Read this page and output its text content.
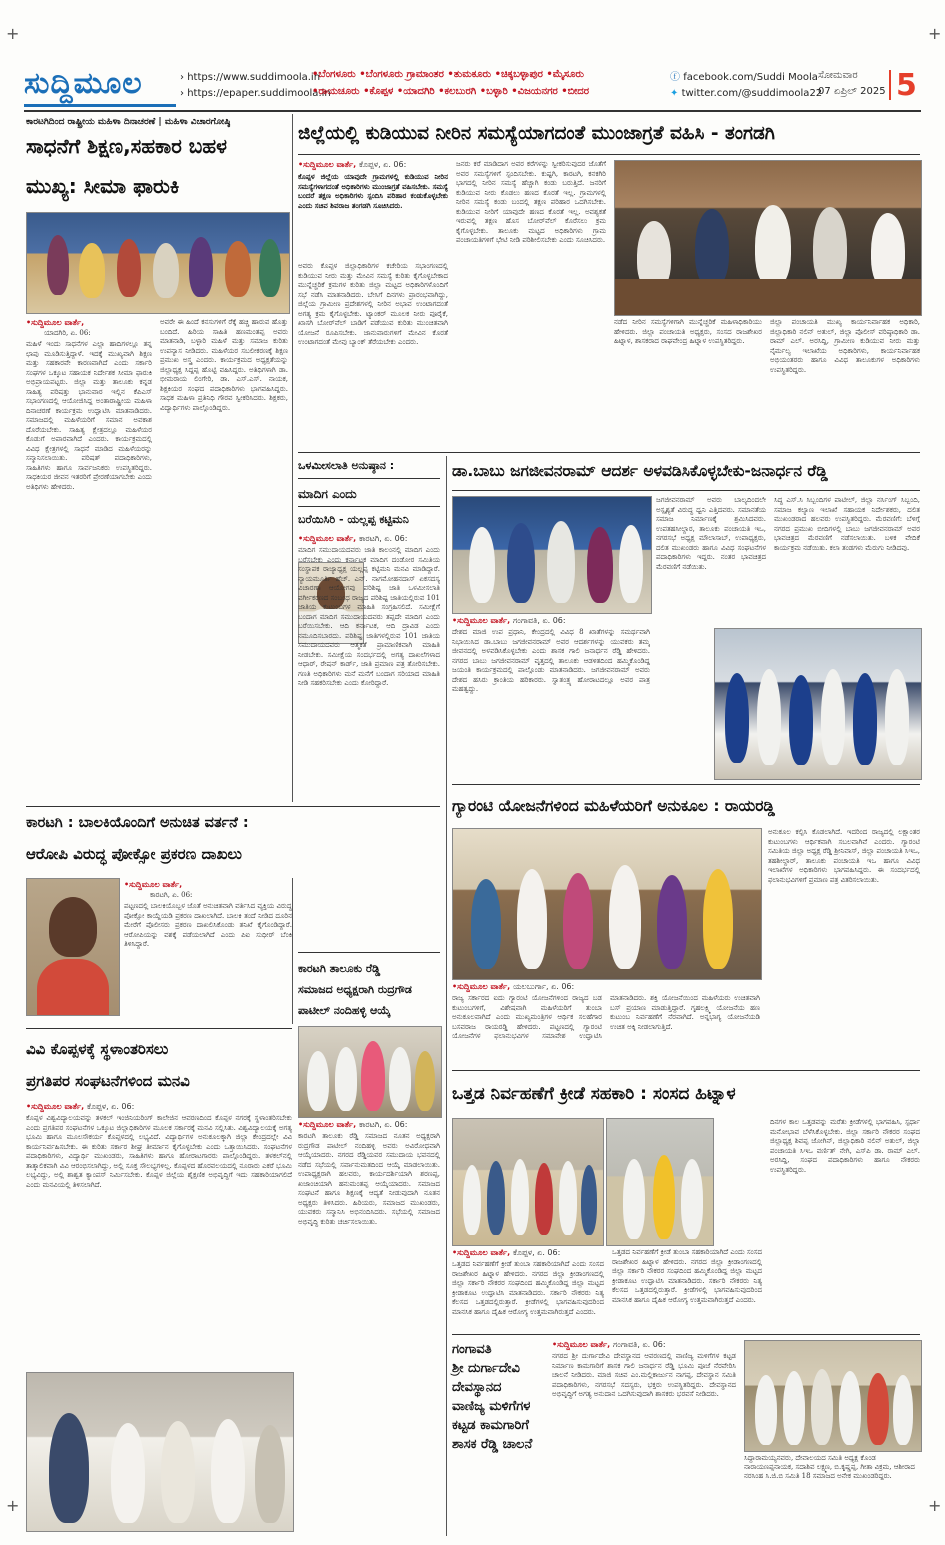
+	+
+	+
ಸುದ್ದಿಮೂಲ	› https://www.suddimoola.in
› https://epaper.suddimoola.in
•ಬೆಂಗಳೂರು •ಬೆಂಗಳೂರು ಗ್ರಾಮಾಂತರ •ತುಮಕೂರು •ಚಿಕ್ಕಬಳ್ಳಾಪುರ •ಮೈಸೂರು
•ರಾಯಚೂರು •ಕೊಪ್ಪಳ •ಯಾದಗಿರಿ •ಕಲಬುರಗಿ •ಬಳ್ಳಾರಿ •ವಿಜಯನಗರ •ಬೀದರ
ⓕ facebook.com/Suddi Moola
✦ twitter.com/@suddimoola22
ಸೋಮವಾರ
07 ಏಪ್ರಿಲ್ 2025 5
ಕಾರಟಗಿದಿಂದ ರಾಷ್ಟ್ರೀಯ ಮಹಿಳಾ ದಿನಾಚರಣೆ | ಮಹಿಳಾ ವಿಚಾರಗೋಷ್ಠಿ
ಸಾಧನೆಗೆ ಶಿಕ್ಷಣ,ಸಹಕಾರ ಬಹಳ
ಮುಖ್ಯ: ಸೀಮಾ ಫಾರುಕಿ
•ಸುದ್ದಿಮೂಲ ವಾರ್ತೆ,
ಯಾದಗಿರಿ, ಏ. 06:
ಮಹಿಳೆ ಇಂದು ಸಾಧನೆಗಳ ಎಲ್ಲಾ ಹಾದಿಗಳಲ್ಲೂ ತನ್ನ ಛಾಪು ಮೂಡಿಸುತ್ತಿದ್ದಾಳೆ. ಇದಕ್ಕೆ ಮುಖ್ಯವಾಗಿ ಶಿಕ್ಷಣ ಮತ್ತು ಸಹಕಾರವೇ ಕಾರಣವಾಗಿದೆ ಎಂದು ಸರ್ಕಾರಿ ಸಂಘಗಳ ಒಕ್ಕೂಟ ಸಹಾಯಕ ನಿರ್ದೇಶಕ ಸೀಮಾ ಫಾರುಕಿ ಅಭಿಪ್ರಾಯಪಟ್ಟರು. ಜಿಲ್ಲಾ ಮತ್ತು ತಾಲೂಕು ಕನ್ನಡ ಸಾಹಿತ್ಯ ಪರಿಷತ್ತು ಭಾನುವಾರ ಇಲ್ಲಿನ ಕೆಪಿಎಸ್ ಸಭಾಂಗಣದಲ್ಲಿ ಆಯೋಜಿಸಿದ್ದ ಅಂತಾರಾಷ್ಟ್ರೀಯ ಮಹಿಳಾ ದಿನಾಚರಣೆ ಕಾರ್ಯಕ್ರಮ ಉದ್ಘಾಟಿಸಿ ಮಾತನಾಡಿದರು. ಸಮಾಜದಲ್ಲಿ ಮಹಿಳೆಯರಿಗೆ ಸಮಾನ ಅವಕಾಶ ದೊರೆಯಬೇಕು. ಸಾಹಿತ್ಯ ಕ್ಷೇತ್ರದಲ್ಲೂ ಮಹಿಳೆಯರ ಕೊಡುಗೆ ಅಪಾರವಾಗಿದೆ ಎಂದರು. ಕಾರ್ಯಕ್ರಮದಲ್ಲಿ ವಿವಿಧ ಕ್ಷೇತ್ರಗಳಲ್ಲಿ ಸಾಧನೆ ಮಾಡಿದ ಮಹಿಳೆಯರನ್ನು ಸನ್ಮಾನಿಸಲಾಯಿತು. ಪರಿಷತ್ ಪದಾಧಿಕಾರಿಗಳು, ಸಾಹಿತಿಗಳು ಹಾಗೂ ಸಾರ್ವಜನಿಕರು ಉಪಸ್ಥಿತರಿದ್ದರು. ಸಾಧಕಿಯರ ಜೀವನ ಇತರರಿಗೆ ಪ್ರೇರಣೆಯಾಗಬೇಕು ಎಂದು ಅತಿಥಿಗಳು ಹೇಳಿದರು.
ಅವರೇ ಈ ಹಿಂದೆ ಕನಸುಗಳಿಗೆ ರೆಕ್ಕೆ ಹಚ್ಚಿ ಹಾರುವ ಹೊತ್ತು ಬಂದಿದೆ. ಹಿರಿಯ ಸಾಹಿತಿ ಹಣಮಂತಪ್ಪ ಅವರು ಮಾತನಾಡಿ, ಬಳ್ಳಾರಿ ಮಹಿಳೆ ಮತ್ತು ಸಮಾಜ ಕುರಿತು ಉಪನ್ಯಾಸ ನೀಡಿದರು. ಮಹಿಳೆಯರ ಸಬಲೀಕರಣಕ್ಕೆ ಶಿಕ್ಷಣ ಪ್ರಮುಖ ಅಸ್ತ್ರ ಎಂದರು. ಕಾರ್ಯಕ್ರಮದ ಅಧ್ಯಕ್ಷತೆಯನ್ನು ಜಿಲ್ಲಾಧ್ಯಕ್ಷ ಸಿದ್ದಪ್ಪ ಹೊಟ್ಟಿ ವಹಿಸಿದ್ದರು. ಅತಿಥಿಗಳಾಗಿ ಡಾ. ಭೀಮರಾಯ ಲಿಂಗೇರಿ, ಡಾ. ಎಸ್.ಎಸ್. ನಾಯಕ, ಶಿಕ್ಷಕಿಯರ ಸಂಘದ ಪದಾಧಿಕಾರಿಗಳು ಭಾಗವಹಿಸಿದ್ದರು. ಸಾಧಕ ಮಹಿಳಾ ಪ್ರತಿನಿಧಿ ಗೌರವ ಸ್ವೀಕರಿಸಿದರು. ಶಿಕ್ಷಕರು, ವಿದ್ಯಾರ್ಥಿಗಳು ಪಾಲ್ಗೊಂಡಿದ್ದರು.
ಜಿಲ್ಲೆಯಲ್ಲಿ ಕುಡಿಯುವ ನೀರಿನ ಸಮಸ್ಯೆಯಾಗದಂತೆ ಮುಂಜಾಗ್ರತೆ ವಹಿಸಿ - ತಂಗಡಗಿ
•ಸುದ್ದಿಮೂಲ ವಾರ್ತೆ, ಕೊಪ್ಪಳ, ಏ. 06:
ಕೊಪ್ಪಳ ಜಿಲ್ಲೆಯ ಯಾವುದೇ ಗ್ರಾಮಗಳಲ್ಲಿ ಕುಡಿಯುವ ನೀರಿನ ಸಮಸ್ಯೆಗಳಾಗದಂತೆ ಅಧಿಕಾರಿಗಳು ಮುಂಜಾಗ್ರತೆ ವಹಿಸಬೇಕು. ಸಮಸ್ಯೆ ಬಂದರೆ ತಕ್ಷಣ ಅಧಿಕಾರಿಗಳು ಸ್ಪಂದಿಸಿ ಪರಿಹಾರ ಕಂಡುಕೊಳ್ಳಬೇಕು ಎಂದು ಸಚಿವ ಶಿವರಾಜ ತಂಗಡಗಿ ಸೂಚಿಸಿದರು.
ಅವರು ಕೊಪ್ಪಳ ಜಿಲ್ಲಾಧಿಕಾರಿಗಳ ಕಚೇರಿಯ ಸಭಾಂಗಣದಲ್ಲಿ ಕುಡಿಯುವ ನೀರು ಮತ್ತು ಮೇವಿನ ಸಮಸ್ಯೆ ಕುರಿತು ಕೈಗೊಳ್ಳಬೇಕಾದ ಮುನ್ನೆಚ್ಚರಿಕೆ ಕ್ರಮಗಳ ಕುರಿತು ಜಿಲ್ಲಾ ಮಟ್ಟದ ಅಧಿಕಾರಿಗಳೊಂದಿಗೆ ಸಭೆ ನಡೆಸಿ ಮಾತನಾಡಿದರು. ಬೇಸಿಗೆ ದಿನಗಳು ಪ್ರಾರಂಭವಾಗಿದ್ದು, ಜಿಲ್ಲೆಯ ಗ್ರಾಮೀಣ ಪ್ರದೇಶಗಳಲ್ಲಿ ನೀರಿನ ಅಭಾವ ಉಂಟಾಗದಂತೆ ಅಗತ್ಯ ಕ್ರಮ ಕೈಗೊಳ್ಳಬೇಕು. ಟ್ಯಾಂಕರ್ ಮೂಲಕ ನೀರು ಪೂರೈಕೆ, ಖಾಸಗಿ ಬೋರ್‌ವೆಲ್ ಬಾಡಿಗೆ ಪಡೆಯುವ ಕುರಿತು ಮುಂಚಿತವಾಗಿ ಯೋಜನೆ ರೂಪಿಸಬೇಕು. ಜಾನುವಾರುಗಳಿಗೆ ಮೇವಿನ ಕೊರತೆ ಉಂಟಾಗದಂತೆ ಮೇವು ಬ್ಯಾಂಕ್ ತೆರೆಯಬೇಕು ಎಂದರು.
ಜನರು ಕರೆ ಮಾಡಿದಾಗ ಅವರ ಕರೆಗಳನ್ನು ಸ್ವೀಕರಿಸುವುದರ ಜೊತೆಗೆ ಅವರ ಸಮಸ್ಯೆಗಳಿಗೆ ಸ್ಪಂದಿಸಬೇಕು. ಕುಷ್ಟಗಿ, ಕಾರಟಗಿ, ಕನಕಗಿರಿ ಭಾಗದಲ್ಲಿ ನೀರಿನ ಸಮಸ್ಯೆ ಹೆಚ್ಚಾಗಿ ಕಂಡು ಬರುತ್ತಿದೆ. ಜನರಿಗೆ ಕುಡಿಯುವ ನೀರು ಕೊಡಲು ಹಣದ ಕೊರತೆ ಇಲ್ಲ. ಗ್ರಾಮಗಳಲ್ಲಿ ನೀರಿನ ಸಮಸ್ಯೆ ಕಂಡು ಬಂದಲ್ಲಿ ತಕ್ಷಣ ಪರಿಹಾರ ಒದಗಿಸಬೇಕು. ಕುಡಿಯುವ ನೀರಿಗೆ ಯಾವುದೇ ಹಣದ ಕೊರತೆ ಇಲ್ಲ. ಅವಶ್ಯಕತೆ ಇರುವಲ್ಲಿ ತಕ್ಷಣ ಹೊಸ ಬೋರ್‌ವೆಲ್ ಕೊರೆಸಲು ಕ್ರಮ ಕೈಗೊಳ್ಳಬೇಕು. ತಾಲೂಕು ಮಟ್ಟದ ಅಧಿಕಾರಿಗಳು ಗ್ರಾಮ ಪಂಚಾಯತಿಗಳಿಗೆ ಭೇಟಿ ನೀಡಿ ಪರಿಶೀಲಿಸಬೇಕು ಎಂದು ಸೂಚಿಸಿದರು.
ನಡೆದ ನೀರಿನ ಸಮಸ್ಯೆಗಳಿಗಾಗಿ ಮುನ್ನೆಚ್ಚರಿಕೆ ಮಹಿಳಾಧಿಕಾರಿಯು ಹೇಳಿದರು. ಜಿಲ್ಲಾ ಪಂಚಾಯತಿ ಅಧ್ಯಕ್ಷರು, ಸಂಸದ ರಾಜಶೇಖರ ಹಿಟ್ನಾಳ, ಶಾಸಕರಾದ ರಾಘವೇಂದ್ರ ಹಿಟ್ನಾಳ ಉಪಸ್ಥಿತರಿದ್ದರು.
ಜಿಲ್ಲಾ ಪಂಚಾಯತಿ ಮುಖ್ಯ ಕಾರ್ಯನಿರ್ವಾಹಕ ಅಧಿಕಾರಿ, ಜಿಲ್ಲಾಧಿಕಾರಿ ನಲಿನ್ ಅತುಲ್, ಜಿಲ್ಲಾ ಪೊಲೀಸ್ ವರಿಷ್ಠಾಧಿಕಾರಿ ಡಾ. ರಾಮ್ ಎಲ್. ಅರಸಿದ್ದಿ, ಗ್ರಾಮೀಣ ಕುಡಿಯುವ ನೀರು ಮತ್ತು ನೈರ್ಮಲ್ಯ ಇಲಾಖೆಯ ಅಧಿಕಾರಿಗಳು, ಕಾರ್ಯನಿರ್ವಾಹಕ ಅಭಿಯಂತರರು ಹಾಗೂ ವಿವಿಧ ತಾಲೂಕುಗಳ ಅಧಿಕಾರಿಗಳು ಉಪಸ್ಥಿತರಿದ್ದರು.
ಒಳಮೀಸಲಾತಿ ಅನುಷ್ಠಾನ :
ಮಾದಿಗ ಎಂದು
ಬರೆಯಿಸಿರಿ - ಯಲ್ಲಪ್ಪ ಕಟ್ಟಿಮನಿ
•ಸುದ್ದಿಮೂಲ ವಾರ್ತೆ, ಕಾರಟಗಿ, ಏ. 06:
ಮಾದಿಗ ಸಮುದಾಯದವರು ಜಾತಿ ಕಾಲಂನಲ್ಲಿ ಮಾದಿಗ ಎಂದು ಬರೆಸಬೇಕು ಎಂದು ಕರ್ನಾಟಕ ಮಾದಿಗ ದಂಡೋರ ಸಮಿತಿಯ ಸಂಸ್ಥಾಪಕ ರಾಜ್ಯಾಧ್ಯಕ್ಷ ಯಲ್ಲಪ್ಪ ಕಟ್ಟಿಮನಿ ಮನವಿ ಮಾಡಿದ್ದಾರೆ. ನ್ಯಾಯಮೂರ್ತಿ ಹೆಚ್. ಎನ್. ನಾಗಮೋಹನದಾಸ್ ಏಕಸದಸ್ಯ ವಿಚಾರಣಾ ಆಯೋಗವು ಪರಿಶಿಷ್ಟ ಜಾತಿ ಒಳಮೀಸಲಾತಿ ವರ್ಗೀಕರಣದ ಸಂಬಂಧ ರಾಜ್ಯದ ಪರಿಶಿಷ್ಟ ಜಾತಿಯಲ್ಲಿರುವ 101 ಜಾತಿಯ ಕುಟುಂಬಗಳ ಮಾಹಿತಿ ಸಂಗ್ರಹಿಸಲಿದೆ. ಸಮೀಕ್ಷೆಗೆ ಬಂದಾಗ ಮಾದಿಗ ಸಮುದಾಯದವರು ತಪ್ಪದೇ ಮಾದಿಗ ಎಂದು ಬರೆಯಿಸಬೇಕು. ಆದಿ ಕರ್ನಾಟಕ, ಆದಿ ದ್ರಾವಿಡ ಎಂದು ನಮೂದಿಸಬಾರದು. ಪರಿಶಿಷ್ಟ ಜಾತಿಗಳಲ್ಲಿರುವ 101 ಜಾತಿಯ ಸಮುದಾಯದವರು ಆತ್ಮಕತೆ ಪ್ರಾಮಾಣಿಕವಾಗಿ ಮಾಹಿತಿ ನೀಡಬೇಕು. ಸಮೀಕ್ಷೆಯ ಸಂದರ್ಭದಲ್ಲಿ ಅಗತ್ಯ ದಾಖಲೆಗಳಾದ ಆಧಾರ್, ರೇಷನ್ ಕಾರ್ಡ್, ಜಾತಿ ಪ್ರಮಾಣ ಪತ್ರ ತೋರಿಸಬೇಕು. ಗಣತಿ ಅಧಿಕಾರಿಗಳು ಮನೆ ಮನೆಗೆ ಬಂದಾಗ ಸರಿಯಾದ ಮಾಹಿತಿ ನೀಡಿ ಸಹಕರಿಸಬೇಕು ಎಂದು ಕೋರಿದ್ದಾರೆ.
ಡಾ.ಬಾಬು ಜಗಜೀವನರಾಮ್ ಆದರ್ಶ ಅಳವಡಿಸಿಕೊಳ್ಳಬೇಕು-ಜನಾರ್ಧನ ರೆಡ್ಡಿ
•ಸುದ್ದಿಮೂಲ ವಾರ್ತೆ, ಗಂಗಾವತಿ, ಏ. 06:
ದೇಶದ ಮಾಜಿ ಉಪ ಪ್ರಧಾನಿ, ಕೇಂದ್ರದಲ್ಲಿ ವಿವಿಧ 8 ಖಾತೆಗಳನ್ನು ಸಮರ್ಥವಾಗಿ ನಿಭಾಯಿಸಿದ ಡಾ.ಬಾಬು ಜಗಜೀವನರಾಮ್ ಅವರ ಆದರ್ಶಗಳನ್ನು ಯುವಕರು ತಮ್ಮ ಜೀವನದಲ್ಲಿ ಅಳವಡಿಸಿಕೊಳ್ಳಬೇಕು ಎಂದು ಶಾಸಕ ಗಾಲಿ ಜನಾರ್ಧನ ರೆಡ್ಡಿ ಹೇಳಿದರು. ನಗರದ ಬಾಬು ಜಗಜೀವನರಾಮ್ ವೃತ್ತದಲ್ಲಿ ತಾಲೂಕು ಆಡಳಿತದಿಂದ ಹಮ್ಮಿಕೊಂಡಿದ್ದ ಜಯಂತಿ ಕಾರ್ಯಕ್ರಮದಲ್ಲಿ ಪಾಲ್ಗೊಂಡು ಮಾತನಾಡಿದರು. ಜಗಜೀವನರಾಮ್ ಅವರು ದೇಶದ ಹಸಿರು ಕ್ರಾಂತಿಯ ಹರಿಕಾರರು. ಸ್ವಾತಂತ್ರ್ಯ ಹೋರಾಟದಲ್ಲೂ ಅವರ ಪಾತ್ರ ಮಹತ್ವದ್ದು.
ಜಗಜೀವನರಾಮ್ ಅವರು ಬಾಲ್ಯದಿಂದಲೇ ಅಸ್ಪೃಶ್ಯತೆ ವಿರುದ್ಧ ಧ್ವನಿ ಎತ್ತಿದವರು. ಸಮಾನತೆಯ ಸಮಾಜ ನಿರ್ಮಾಣಕ್ಕೆ ಶ್ರಮಿಸಿದವರು. ಉಪತಹಸೀಲ್ದಾರ, ತಾಲೂಕು ಪಂಚಾಯತಿ ಇಒ, ನಗರಸಭೆ ಅಧ್ಯಕ್ಷ ಮೌಲಾಸಾಬ್, ಉಪಾಧ್ಯಕ್ಷರು, ದಲಿತ ಮುಖಂಡರು ಹಾಗೂ ವಿವಿಧ ಸಂಘಟನೆಗಳ ಪದಾಧಿಕಾರಿಗಳು ಇದ್ದರು. ನಂತರ ಭಾವಚಿತ್ರದ ಮೆರವಣಿಗೆ ನಡೆಯಿತು.
ಸಿದ್ಧ ಎಸ್.ಸಿ ಸಿಬ್ಬಂದಿಗಳ ಪಾಟೀಲ್, ಜಿಲ್ಲಾ ನರ್ಸಿಂಗ್ ಸಿಬ್ಬಂದಿ, ಸಮಾಜ ಕಲ್ಯಾಣ ಇಲಾಖೆ ಸಹಾಯಕ ನಿರ್ದೇಶಕರು, ದಲಿತ ಮುಖಂಡರಾದ ಹಲವರು ಉಪಸ್ಥಿತರಿದ್ದರು. ಮೆರವಣಿಗೆ: ಬೆಳಿಗ್ಗೆ ನಗರದ ಪ್ರಮುಖ ಬೀದಿಗಳಲ್ಲಿ ಬಾಬು ಜಗಜೀವನರಾಮ್ ಅವರ ಭಾವಚಿತ್ರದ ಮೆರವಣಿಗೆ ನಡೆಸಲಾಯಿತು. ಬಳಿಕ ವೇದಿಕೆ ಕಾರ್ಯಕ್ರಮ ನಡೆಯಿತು. ಕಲಾ ತಂಡಗಳು ಮೆರುಗು ನೀಡಿದವು.
ಗ್ಯಾರಂಟಿ ಯೋಜನೆಗಳಿಂದ ಮಹಿಳೆಯರಿಗೆ ಅನುಕೂಲ : ರಾಯರಡ್ಡಿ
•ಸುದ್ದಿಮೂಲ ವಾರ್ತೆ, ಯಲಬುರ್ಗಾ, ಏ. 06:
ರಾಜ್ಯ ಸರ್ಕಾರದ ಐದು ಗ್ಯಾರಂಟಿ ಯೋಜನೆಗಳಿಂದ ರಾಜ್ಯದ ಬಡ ಕುಟುಂಬಗಳಿಗೆ, ವಿಶೇಷವಾಗಿ ಮಹಿಳೆಯರಿಗೆ ತುಂಬಾ ಅನುಕೂಲವಾಗಿದೆ ಎಂದು ಮುಖ್ಯಮಂತ್ರಿಗಳ ಆರ್ಥಿಕ ಸಲಹೆಗಾರ ಬಸವರಾಜ ರಾಯರಡ್ಡಿ ಹೇಳಿದರು. ಪಟ್ಟಣದಲ್ಲಿ ಗ್ಯಾರಂಟಿ ಯೋಜನೆಗಳ ಫಲಾನುಭವಿಗಳ ಸಮಾವೇಶ ಉದ್ಘಾಟಿಸಿ ಮಾತನಾಡಿದರು. ಶಕ್ತಿ ಯೋಜನೆಯಿಂದ ಮಹಿಳೆಯರು ಉಚಿತವಾಗಿ ಬಸ್ ಪ್ರಯಾಣ ಮಾಡುತ್ತಿದ್ದಾರೆ. ಗೃಹಲಕ್ಷ್ಮಿ ಯೋಜನೆಯ ಹಣ ಕುಟುಂಬ ನಿರ್ವಹಣೆಗೆ ನೆರವಾಗಿದೆ. ಅನ್ನಭಾಗ್ಯ ಯೋಜನೆಯಡಿ ಉಚಿತ ಅಕ್ಕಿ ನೀಡಲಾಗುತ್ತಿದೆ.
ಅನುಕೂಲ ಕಲ್ಪಿಸಿ ಕೊಡಲಾಗಿದೆ. ಇದರಿಂದ ರಾಜ್ಯದಲ್ಲಿ ಲಕ್ಷಾಂತರ ಕುಟುಂಬಗಳು ಆರ್ಥಿಕವಾಗಿ ಸಬಲವಾಗಿವೆ ಎಂದರು. ಗ್ಯಾರಂಟಿ ಸಮಿತಿಯ ಜಿಲ್ಲಾ ಅಧ್ಯಕ್ಷ ರೆಡ್ಡಿ ಶ್ರೀನಿವಾಸ್, ಜಿಲ್ಲಾ ಪಂಚಾಯತಿ ಸಿಇಒ, ತಹಶೀಲ್ದಾರ್, ತಾಲೂಕು ಪಂಚಾಯತಿ ಇಒ ಹಾಗೂ ವಿವಿಧ ಇಲಾಖೆಗಳ ಅಧಿಕಾರಿಗಳು ಭಾಗವಹಿಸಿದ್ದರು. ಈ ಸಂದರ್ಭದಲ್ಲಿ ಫಲಾನುಭವಿಗಳಿಗೆ ಪ್ರಮಾಣ ಪತ್ರ ವಿತರಿಸಲಾಯಿತು.
ಒತ್ತಡ ನಿರ್ವಹಣೆಗೆ ಕ್ರೀಡೆ ಸಹಕಾರಿ : ಸಂಸದ ಹಿಟ್ನಾಳ
•ಸುದ್ದಿಮೂಲ ವಾರ್ತೆ, ಕೊಪ್ಪಳ, ಏ. 06:
ಒತ್ತಡದ ನಿರ್ವಹಣೆಗೆ ಕ್ರೀಡೆ ತುಂಬಾ ಸಹಕಾರಿಯಾಗಿದೆ ಎಂದು ಸಂಸದ ರಾಜಶೇಖರ ಹಿಟ್ನಾಳ ಹೇಳಿದರು. ನಗರದ ಜಿಲ್ಲಾ ಕ್ರೀಡಾಂಗಣದಲ್ಲಿ ಜಿಲ್ಲಾ ಸರ್ಕಾರಿ ನೌಕರರ ಸಂಘದಿಂದ ಹಮ್ಮಿಕೊಂಡಿದ್ದ ಜಿಲ್ಲಾ ಮಟ್ಟದ ಕ್ರೀಡಾಕೂಟ ಉದ್ಘಾಟಿಸಿ ಮಾತನಾಡಿದರು. ಸರ್ಕಾರಿ ನೌಕರರು ನಿತ್ಯ ಕೆಲಸದ ಒತ್ತಡದಲ್ಲಿರುತ್ತಾರೆ. ಕ್ರೀಡೆಗಳಲ್ಲಿ ಭಾಗವಹಿಸುವುದರಿಂದ ಮಾನಸಿಕ ಹಾಗೂ ದೈಹಿಕ ಆರೋಗ್ಯ ಉತ್ತಮವಾಗಿರುತ್ತದೆ ಎಂದರು.
ಒತ್ತಡದ ನಿರ್ವಹಣೆಗೆ ಕ್ರೀಡೆ ತುಂಬಾ ಸಹಕಾರಿಯಾಗಿದೆ ಎಂದು ಸಂಸದ ರಾಜಶೇಖರ ಹಿಟ್ನಾಳ ಹೇಳಿದರು. ನಗರದ ಜಿಲ್ಲಾ ಕ್ರೀಡಾಂಗಣದಲ್ಲಿ ಜಿಲ್ಲಾ ಸರ್ಕಾರಿ ನೌಕರರ ಸಂಘದಿಂದ ಹಮ್ಮಿಕೊಂಡಿದ್ದ ಜಿಲ್ಲಾ ಮಟ್ಟದ ಕ್ರೀಡಾಕೂಟ ಉದ್ಘಾಟಿಸಿ ಮಾತನಾಡಿದರು. ಸರ್ಕಾರಿ ನೌಕರರು ನಿತ್ಯ ಕೆಲಸದ ಒತ್ತಡದಲ್ಲಿರುತ್ತಾರೆ. ಕ್ರೀಡೆಗಳಲ್ಲಿ ಭಾಗವಹಿಸುವುದರಿಂದ ಮಾನಸಿಕ ಹಾಗೂ ದೈಹಿಕ ಆರೋಗ್ಯ ಉತ್ತಮವಾಗಿರುತ್ತದೆ ಎಂದರು.
ದಿನಗಳ ಕಾಲ ಒತ್ತಡವನ್ನು ಮರೆತು ಕ್ರೀಡೆಗಳಲ್ಲಿ ಭಾಗವಹಿಸಿ, ಸ್ಪರ್ಧಾ ಮನೋಭಾವ ಬೆಳೆಸಿಕೊಳ್ಳಬೇಕು. ಜಿಲ್ಲಾ ಸರ್ಕಾರಿ ನೌಕರರ ಸಂಘದ ಜಿಲ್ಲಾಧ್ಯಕ್ಷ ಶಿವಪ್ಪ ಜೋಗಿನ್, ಜಿಲ್ಲಾಧಿಕಾರಿ ನಲಿನ್ ಅತುಲ್, ಜಿಲ್ಲಾ ಪಂಚಾಯತಿ ಸಿಇಒ ವರ್ಣಿತ್ ನೇಗಿ, ಎಸ್‌ಪಿ ಡಾ. ರಾಮ್ ಎಲ್. ಅರಸಿದ್ದಿ, ಸಂಘದ ಪದಾಧಿಕಾರಿಗಳು ಹಾಗೂ ನೌಕರರು ಉಪಸ್ಥಿತರಿದ್ದರು.
ಗಂಗಾವತಿ
ಶ್ರೀ ದುರ್ಗಾದೇವಿ
ದೇವಸ್ಥಾನದ
ವಾಣಿಜ್ಯ ಮಳಿಗೆಗಳ
ಕಟ್ಟಡ ಕಾಮಗಾರಿಗೆ
ಶಾಸಕ ರೆಡ್ಡಿ ಚಾಲನೆ
•ಸುದ್ದಿಮೂಲ ವಾರ್ತೆ, ಗಂಗಾವತಿ, ಏ. 06:
ನಗರದ ಶ್ರೀ ದುರ್ಗಾದೇವಿ ದೇವಸ್ಥಾನದ ಆವರಣದಲ್ಲಿ ವಾಣಿಜ್ಯ ಮಳಿಗೆಗಳ ಕಟ್ಟಡ ನಿರ್ಮಾಣ ಕಾಮಗಾರಿಗೆ ಶಾಸಕ ಗಾಲಿ ಜನಾರ್ಧನ ರೆಡ್ಡಿ ಭೂಮಿ ಪೂಜೆ ನೆರವೇರಿಸಿ ಚಾಲನೆ ನೀಡಿದರು. ಮಾಜಿ ಸಚಿವ ಎಂ.ಮಲ್ಲಿಕಾರ್ಜುನ ನಾಗಪ್ಪ, ದೇವಸ್ಥಾನ ಸಮಿತಿ ಪದಾಧಿಕಾರಿಗಳು, ನಗರಸಭೆ ಸದಸ್ಯರು, ಭಕ್ತರು ಉಪಸ್ಥಿತರಿದ್ದರು. ದೇವಸ್ಥಾನದ ಅಭಿವೃದ್ಧಿಗೆ ಅಗತ್ಯ ಅನುದಾನ ಒದಗಿಸುವುದಾಗಿ ಶಾಸಕರು ಭರವಸೆ ನೀಡಿದರು.
ಸಿದ್ದಾರಾಮಯ್ಯನವರು, ದೇವಾಲಯದ ಸಮಿತಿ ಅಧ್ಯಕ್ಷ ಕೊಂಡ ನಾರಾಯಣಪ್ಪನಾಯಕ, ಸದಾಶಿವ ಲಕ್ಷ್ಮಣ, ಬಿ.ಕೃಷ್ಣಪ್ಪ, ಗೀತಾ ವಿಕ್ರಮ, ಆಶೀರಾದ ನರಸಿಂಹ ಸಿ.ಜಿ.ಬಿ ಸಮಿತಿ 18 ಸಮಾಜದ ಅನೇಕ ಮುಖಂಡರಿದ್ದರು.
ಕಾರಟಗಿ : ಬಾಲಕಿಯೊಂದಿಗೆ ಅನುಚಿತ ವರ್ತನೆ :
ಆರೋಪಿ ವಿರುದ್ಧ ಪೋಕ್ಸೋ ಪ್ರಕರಣ ದಾಖಲು
•ಸುದ್ದಿಮೂಲ ವಾರ್ತೆ,
ಕಾರಟಗಿ, ಏ. 06:
ಪಟ್ಟಣದಲ್ಲಿ ಬಾಲಕಿಯೊಬ್ಬಳ ಜೊತೆ ಅನುಚಿತವಾಗಿ ವರ್ತಿಸಿದ ವ್ಯಕ್ತಿಯ ವಿರುದ್ಧ ಪೋಕ್ಸೋ ಕಾಯ್ದೆಯಡಿ ಪ್ರಕರಣ ದಾಖಲಾಗಿದೆ. ಬಾಲಕಿ ತಂದೆ ನೀಡಿದ ದೂರಿನ ಮೇರೆಗೆ ಪೊಲೀಸರು ಪ್ರಕರಣ ದಾಖಲಿಸಿಕೊಂಡು ತನಿಖೆ ಕೈಗೊಂಡಿದ್ದಾರೆ. ಆರೋಪಿಯನ್ನು ವಶಕ್ಕೆ ಪಡೆಯಲಾಗಿದೆ ಎಂದು ಪಿಐ ಸುಧೀರ್ ಬೆಂಕಿ ತಿಳಿಸಿದ್ದಾರೆ.
ಕಾರಟಗಿ ತಾಲೂಕು ರೆಡ್ಡಿ
ಸಮಾಜದ ಅಧ್ಯಕ್ಷರಾಗಿ ರುದ್ರಗೌಡ
ಪಾಟೀಲ್ ನಂದಿಹಳ್ಳಿ ಆಯ್ಕೆ
•ಸುದ್ದಿಮೂಲ ವಾರ್ತೆ, ಕಾರಟಗಿ, ಏ. 06:
ಕಾರಟಗಿ ತಾಲೂಕು ರೆಡ್ಡಿ ಸಮಾಜದ ನೂತನ ಅಧ್ಯಕ್ಷರಾಗಿ ರುದ್ರಗೌಡ ಪಾಟೀಲ್ ನಂದಿಹಳ್ಳಿ ಅವರು ಅವಿರೋಧವಾಗಿ ಆಯ್ಕೆಯಾದರು. ನಗರದ ರೆಡ್ಡಿಯವರ ಸಮುದಾಯ ಭವನದಲ್ಲಿ ನಡೆದ ಸಭೆಯಲ್ಲಿ ಸರ್ವಾನುಮತದಿಂದ ಆಯ್ಕೆ ಮಾಡಲಾಯಿತು. ಉಪಾಧ್ಯಕ್ಷರಾಗಿ ಹಲವರು, ಕಾರ್ಯದರ್ಶಿಯಾಗಿ ಶರಣಪ್ಪ, ಖಜಾಂಚಿಯಾಗಿ ಹನುಮಂತಪ್ಪ ಆಯ್ಕೆಯಾದರು. ಸಮಾಜದ ಸಂಘಟನೆ ಹಾಗೂ ಶಿಕ್ಷಣಕ್ಕೆ ಆದ್ಯತೆ ನೀಡುವುದಾಗಿ ನೂತನ ಅಧ್ಯಕ್ಷರು ತಿಳಿಸಿದರು. ಹಿರಿಯರು, ಸಮಾಜದ ಮುಖಂಡರು, ಯುವಕರು ಸನ್ಮಾನಿಸಿ ಅಭಿನಂದಿಸಿದರು. ಸಭೆಯಲ್ಲಿ ಸಮಾಜದ ಅಭಿವೃದ್ಧಿ ಕುರಿತು ಚರ್ಚಿಸಲಾಯಿತು.
ವಿವಿ ಕೊಪ್ಪಳಕ್ಕೆ ಸ್ಥಳಾಂತರಿಸಲು
ಪ್ರಗತಿಪರ ಸಂಘಟನೆಗಳಿಂದ ಮನವಿ
•ಸುದ್ದಿಮೂಲ ವಾರ್ತೆ, ಕೊಪ್ಪಳ, ಏ. 06:
ಕೊಪ್ಪಳ ವಿಶ್ವವಿದ್ಯಾಲಯವನ್ನು ತಳಕಲ್ ಇಂಜಿನಿಯರಿಂಗ್ ಕಾಲೇಜಿನ ಆವರಣದಿಂದ ಕೊಪ್ಪಳ ನಗರಕ್ಕೆ ಸ್ಥಳಾಂತರಿಸಬೇಕು ಎಂದು ಪ್ರಗತಿಪರ ಸಂಘಟನೆಗಳ ಒಕ್ಕೂಟ ಜಿಲ್ಲಾಧಿಕಾರಿಗಳ ಮೂಲಕ ಸರ್ಕಾರಕ್ಕೆ ಮನವಿ ಸಲ್ಲಿಸಿತು. ವಿಶ್ವವಿದ್ಯಾಲಯಕ್ಕೆ ಅಗತ್ಯ ಭೂಮಿ ಹಾಗೂ ಮೂಲಸೌಕರ್ಯ ಕೊಪ್ಪಳದಲ್ಲಿ ಲಭ್ಯವಿದೆ. ವಿದ್ಯಾರ್ಥಿಗಳ ಅನುಕೂಲಕ್ಕಾಗಿ ಜಿಲ್ಲಾ ಕೇಂದ್ರದಲ್ಲೇ ವಿವಿ ಕಾರ್ಯನಿರ್ವಹಿಸಬೇಕು. ಈ ಕುರಿತು ಸರ್ಕಾರ ಶೀಘ್ರ ತೀರ್ಮಾನ ಕೈಗೊಳ್ಳಬೇಕು ಎಂದು ಒತ್ತಾಯಿಸಿದರು. ಸಂಘಟನೆಗಳ ಪದಾಧಿಕಾರಿಗಳು, ವಿದ್ಯಾರ್ಥಿ ಮುಖಂಡರು, ಸಾಹಿತಿಗಳು ಹಾಗೂ ಹೋರಾಟಗಾರರು ಪಾಲ್ಗೊಂಡಿದ್ದರು. ತಳಕಲ್‌ನಲ್ಲಿ ತಾತ್ಕಾಲಿಕವಾಗಿ ವಿವಿ ಆರಂಭಿಸಲಾಗಿದ್ದು, ಅಲ್ಲಿ ಸೂಕ್ತ ಸೌಲಭ್ಯಗಳಿಲ್ಲ. ಕೊಪ್ಪಳದ ಹೊರವಲಯದಲ್ಲಿ ನೂರಾರು ಎಕರೆ ಭೂಮಿ ಲಭ್ಯವಿದ್ದು, ಅಲ್ಲಿ ಶಾಶ್ವತ ಕ್ಯಾಂಪಸ್ ನಿರ್ಮಿಸಬೇಕು. ಕೊಪ್ಪಳ ಜಿಲ್ಲೆಯ ಶೈಕ್ಷಣಿಕ ಅಭಿವೃದ್ಧಿಗೆ ಇದು ಸಹಕಾರಿಯಾಗಲಿದೆ ಎಂದು ಮನವಿಯಲ್ಲಿ ತಿಳಿಸಲಾಗಿದೆ.
